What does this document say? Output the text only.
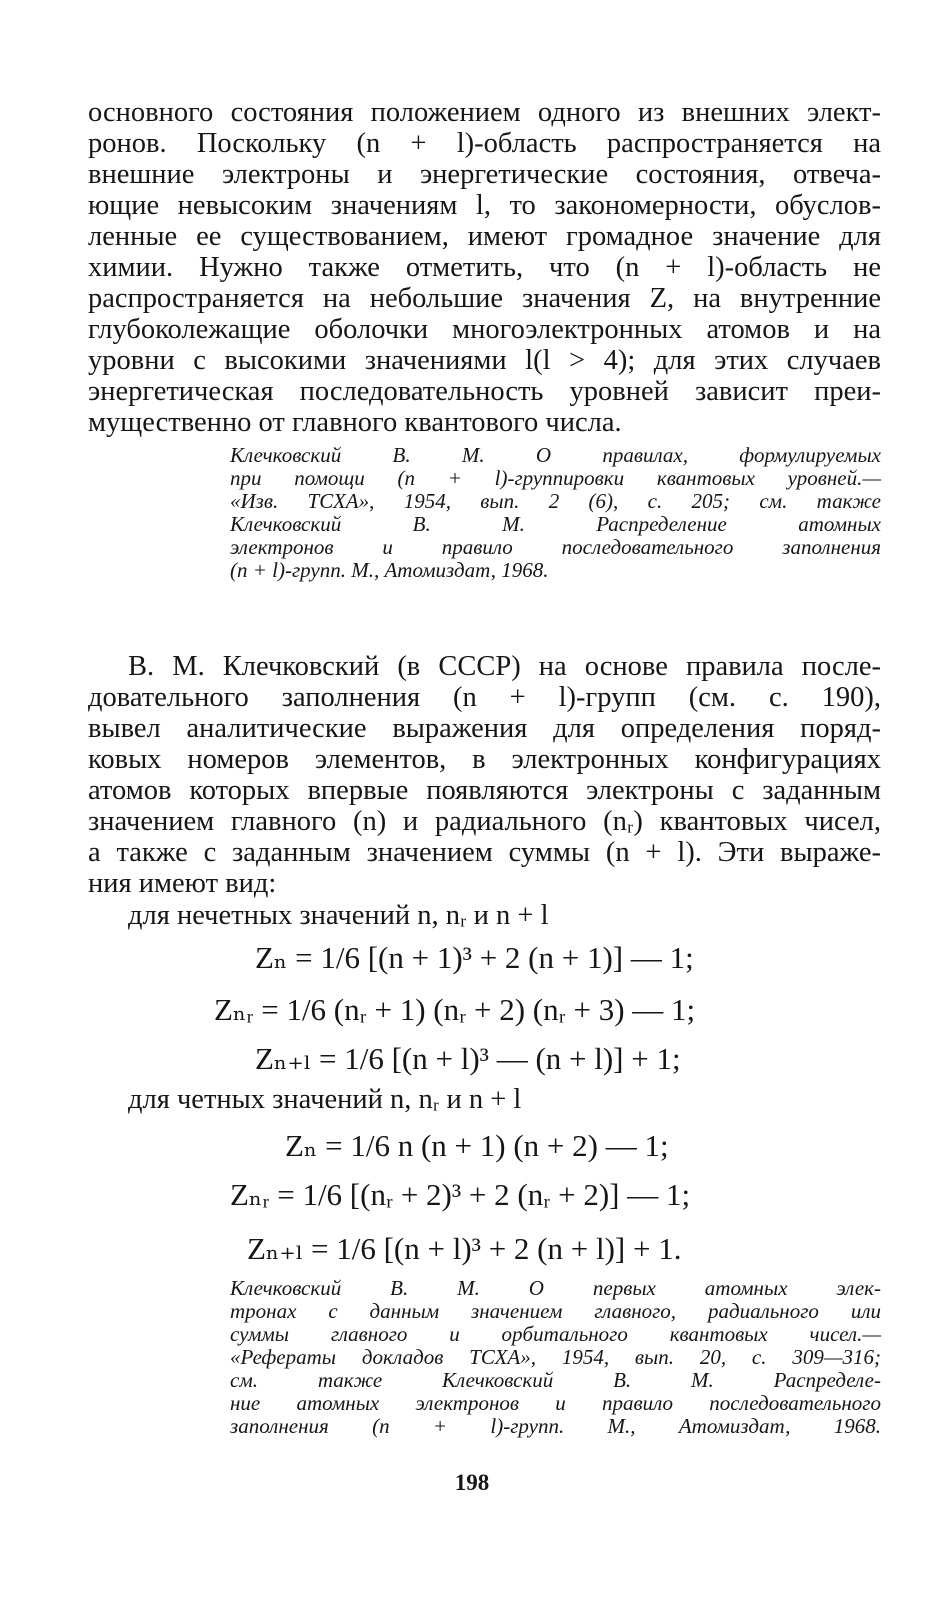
основного состояния положением одного из внешних элект-
ронов. Поскольку (n + l)-область распространяется на
внешние электроны и энергетические состояния, отвеча-
ющие невысоким значениям l, то закономерности, обуслов-
ленные ее существованием, имеют громадное значение для
химии. Нужно также отметить, что (n + l)-область не
распространяется на небольшие значения Z, на внутренние
глубоколежащие оболочки многоэлектронных атомов и на
уровни с высокими значениями l(l > 4); для этих случаев
энергетическая последовательность уровней зависит преи-
мущественно от главного квантового числа.
Клечковский В. М. О правилах, формулируемых
при помощи (n + l)-группировки квантовых уровней.—
«Изв. ТСХА», 1954, вып. 2 (6), с. 205; см. также
Клечковский В. М. Распределение атомных
электронов и правило последовательного заполнения
(n + l)-групп. М., Атомиздат, 1968.
В. М. Клечковский (в СССР) на основе правила после-
довательного заполнения (n + l)-групп (см. с. 190),
вывел аналитические выражения для определения поряд-
ковых номеров элементов, в электронных конфигурациях
атомов которых впервые появляются электроны с заданным
значением главного (n) и радиального (nᵣ) квантовых чисел,
а также с заданным значением суммы (n + l). Эти выраже-
ния имеют вид:
для нечетных значений n, nᵣ и n + l
Zₙ = 1/6 [(n + 1)³ + 2 (n + 1)] — 1;
Zₙᵣ = 1/6 (nᵣ + 1) (nᵣ + 2) (nᵣ + 3) — 1;
Zₙ₊ₗ = 1/6 [(n + l)³ — (n + l)] + 1;
для четных значений n, nᵣ и n + l
Zₙ = 1/6 n (n + 1) (n + 2) — 1;
Zₙᵣ = 1/6 [(nᵣ + 2)³ + 2 (nᵣ + 2)] — 1;
Zₙ₊ₗ = 1/6 [(n + l)³ + 2 (n + l)] + 1.
Клечковский В. М. О первых атомных элек-
тронах с данным значением главного, радиального или
суммы главного и орбитального квантовых чисел.—
«Рефераты докладов ТСХА», 1954, вып. 20, с. 309—316;
см. также Клечковский В. М. Распределе-
ние атомных электронов и правило последовательного
заполнения (n + l)-групп. М., Атомиздат, 1968.
198
